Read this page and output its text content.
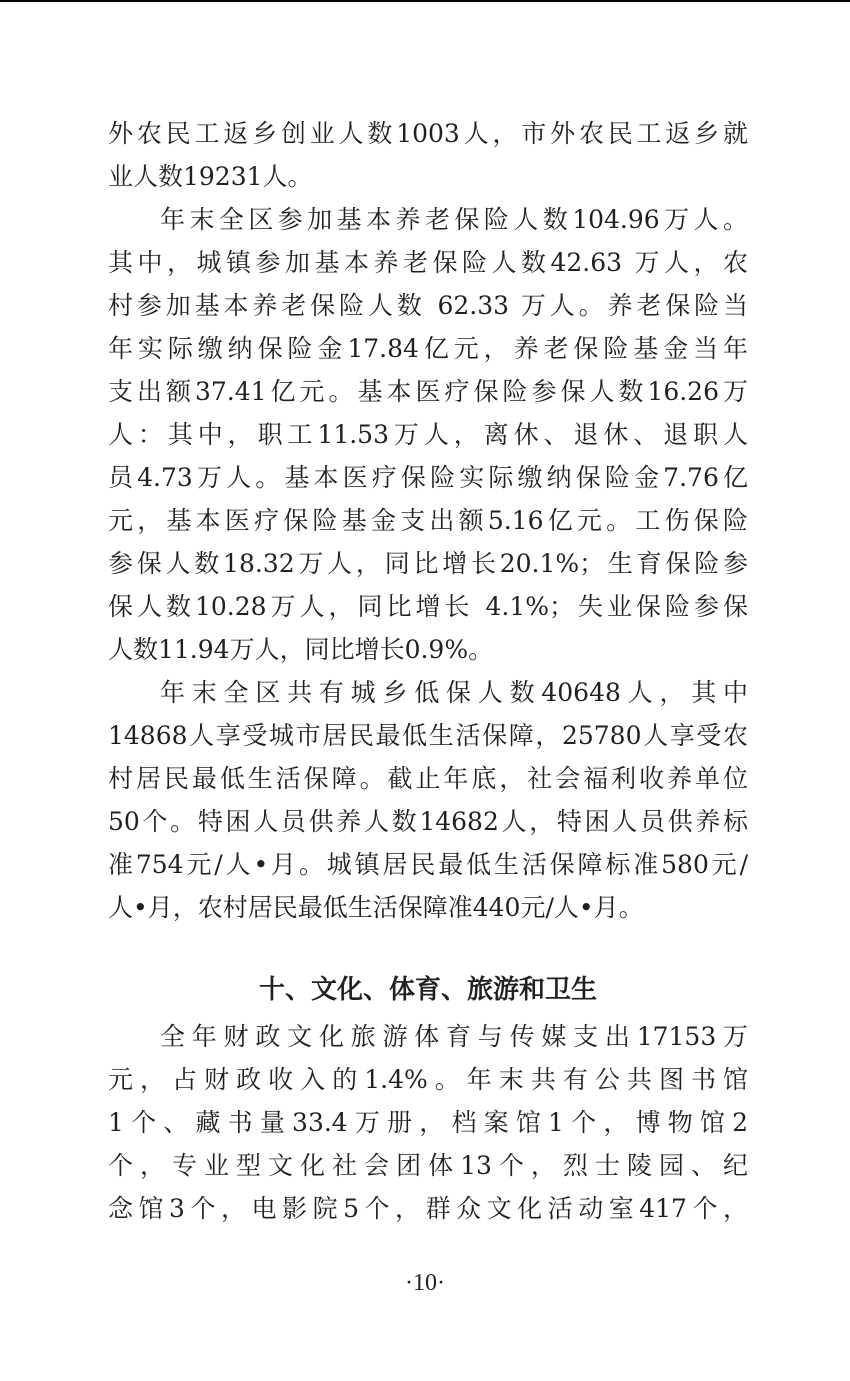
外农民工返乡创业人数1003人，市外农民工返乡就
业人数19231人。
年末全区参加基本养老保险人数104.96万人。
其中，城镇参加基本养老保险人数42.63 万人，农
村参加基本养老保险人数 62.33 万人。养老保险当
年实际缴纳保险金17.84亿元，养老保险基金当年
支出额37.41亿元。基本医疗保险参保人数16.26万
人：其中，职工11.53万人，离休、退休、退职人
员4.73万人。基本医疗保险实际缴纳保险金7.76亿
元，基本医疗保险基金支出额5.16亿元。工伤保险
参保人数18.32万人，同比增长20.1%；生育保险参
保人数10.28万人，同比增长 4.1%；失业保险参保
人数11.94万人，同比增长0.9%。
年末全区共有城乡低保人数40648人，其中
14868人享受城市居民最低生活保障，25780人享受农
村居民最低生活保障。截止年底，社会福利收养单位
50个。特困人员供养人数14682人，特困人员供养标
准754元/人•月。城镇居民最低生活保障标准580元/
人•月，农村居民最低生活保障准440元/人•月。
十、文化、体育、旅游和卫生
全年财政文化旅游体育与传媒支出17153万
元，占财政收入的1.4%。年末共有公共图书馆
1个、藏书量33.4万册，档案馆1个，博物馆2
个，专业型文化社会团体13个，烈士陵园、纪
念馆3个，电影院5个，群众文化活动室417个，
·10·
